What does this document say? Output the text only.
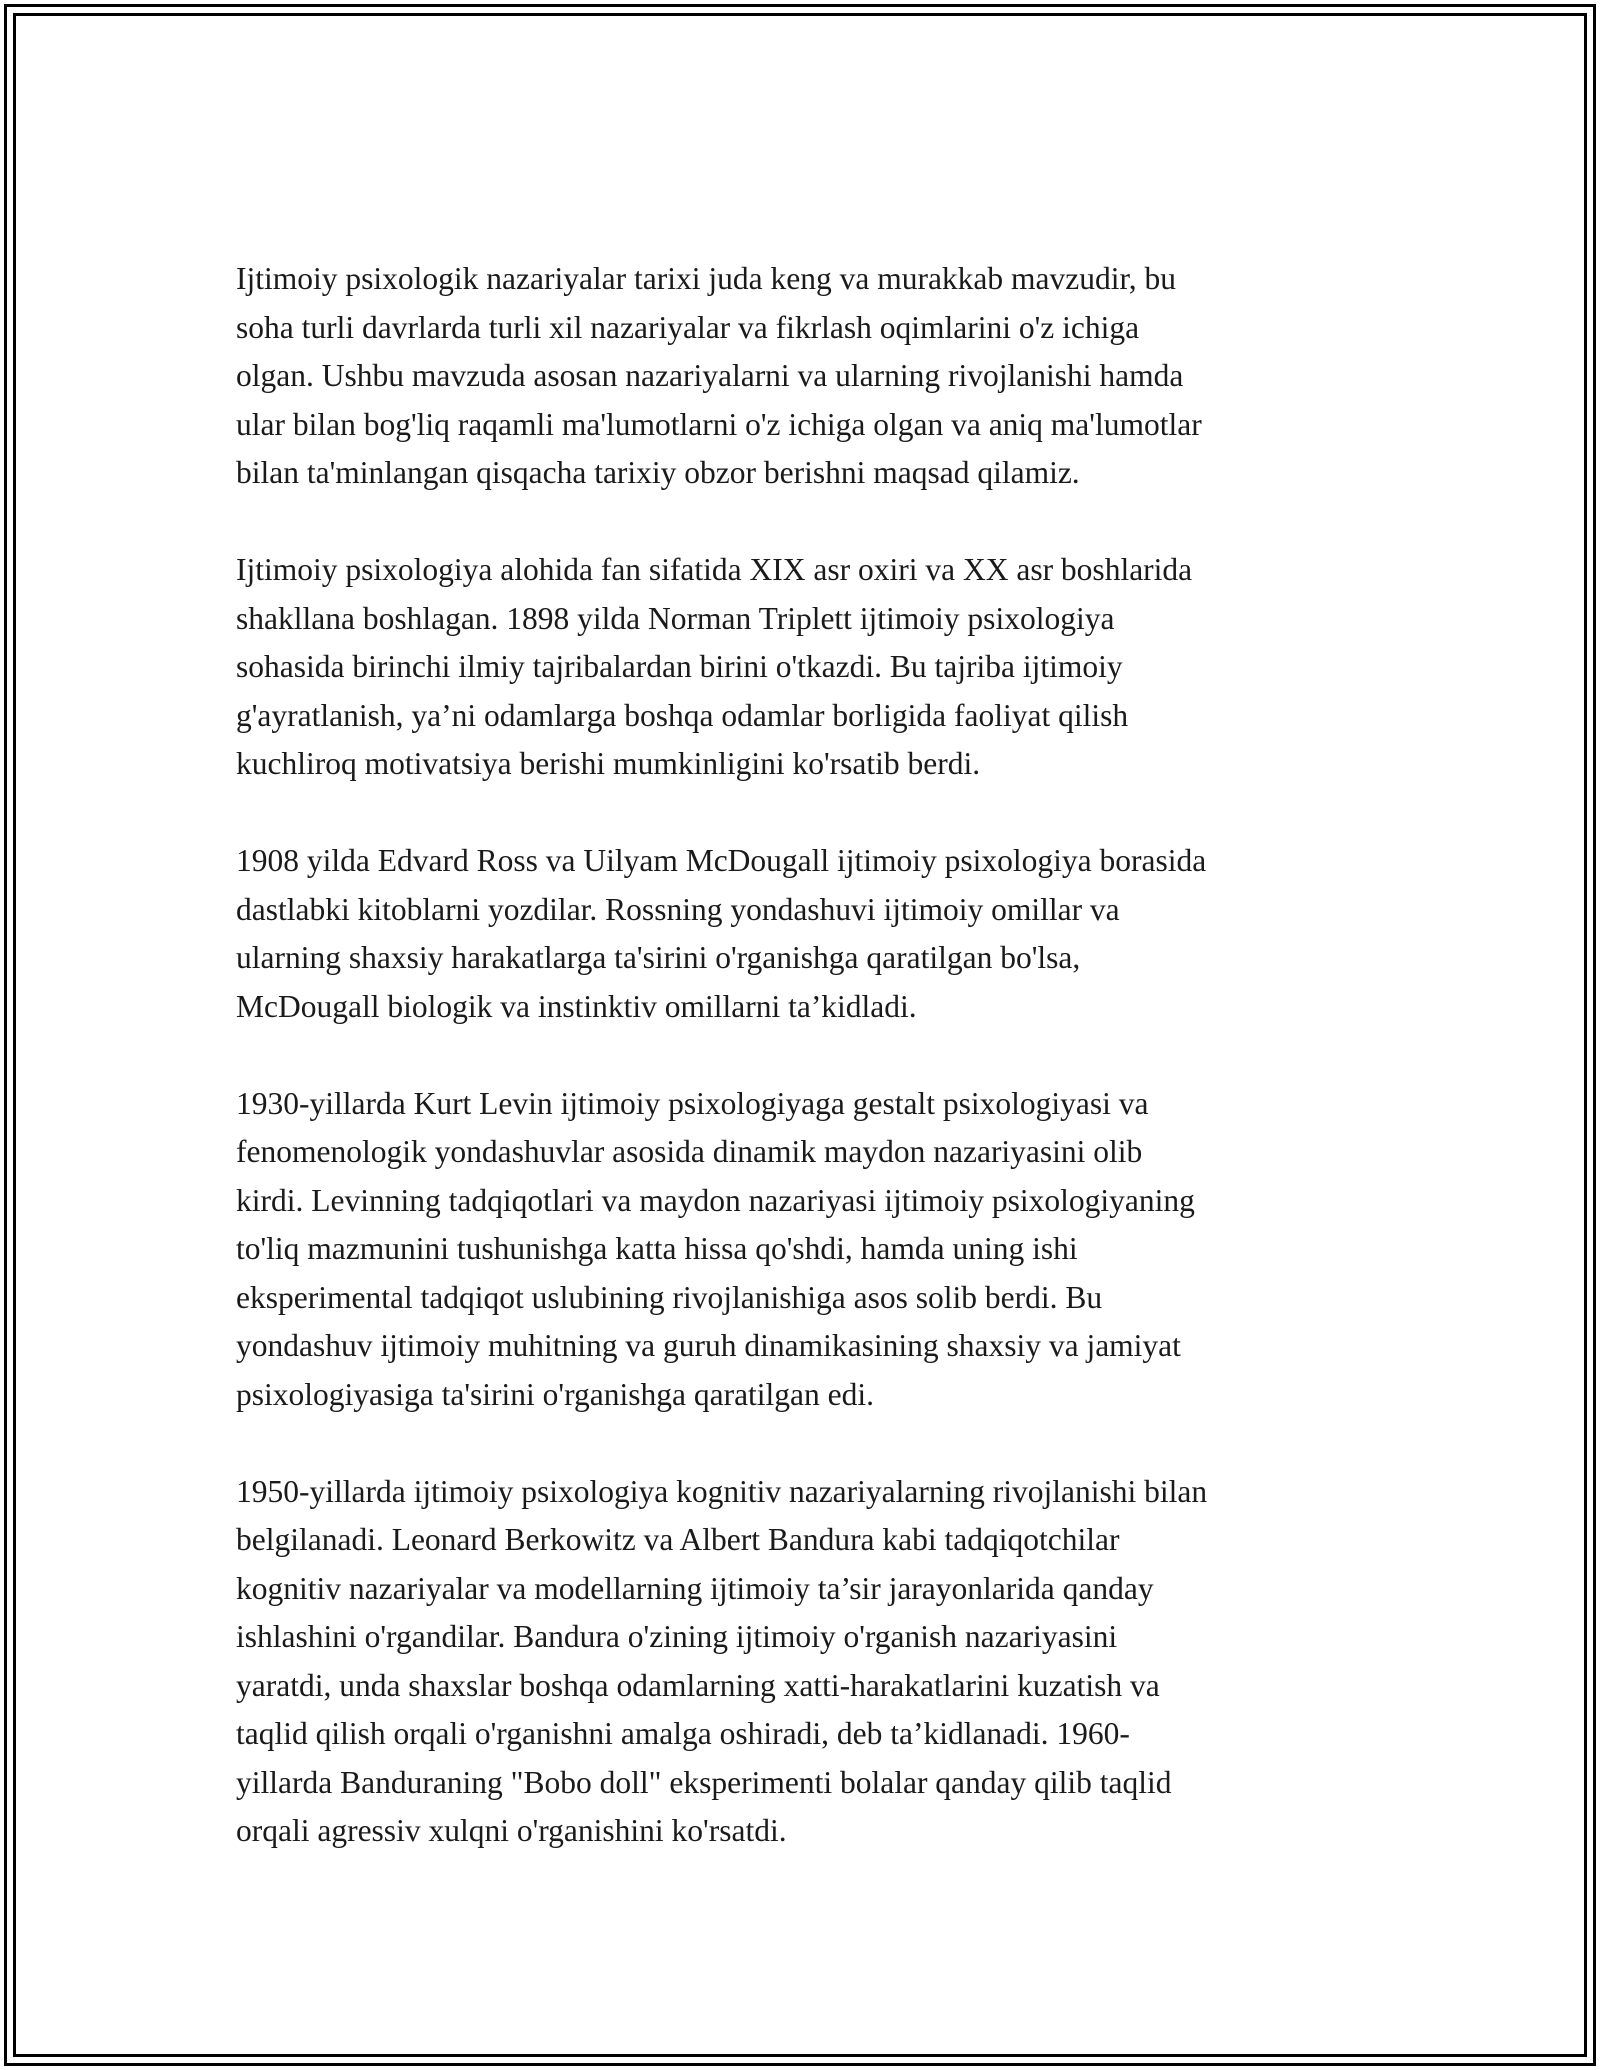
Ijtimoiy psixologik nazariyalar tarixi juda keng va murakkab mavzudir, bu
soha turli davrlarda turli xil nazariyalar va fikrlash oqimlarini o'z ichiga
olgan. Ushbu mavzuda asosan nazariyalarni va ularning rivojlanishi hamda
ular bilan bog'liq raqamli ma'lumotlarni o'z ichiga olgan va aniq ma'lumotlar
bilan ta'minlangan qisqacha tarixiy obzor berishni maqsad qilamiz.

Ijtimoiy psixologiya alohida fan sifatida XIX asr oxiri va XX asr boshlarida
shakllana boshlagan. 1898 yilda Norman Triplett ijtimoiy psixologiya
sohasida birinchi ilmiy tajribalardan birini o'tkazdi. Bu tajriba ijtimoiy
g'ayratlanish, ya’ni odamlarga boshqa odamlar borligida faoliyat qilish
kuchliroq motivatsiya berishi mumkinligini ko'rsatib berdi.

1908 yilda Edvard Ross va Uilyam McDougall ijtimoiy psixologiya borasida
dastlabki kitoblarni yozdilar. Rossning yondashuvi ijtimoiy omillar va
ularning shaxsiy harakatlarga ta'sirini o'rganishga qaratilgan bo'lsa,
McDougall biologik va instinktiv omillarni ta’kidladi.

1930-yillarda Kurt Levin ijtimoiy psixologiyaga gestalt psixologiyasi va
fenomenologik yondashuvlar asosida dinamik maydon nazariyasini olib
kirdi. Levinning tadqiqotlari va maydon nazariyasi ijtimoiy psixologiyaning
to'liq mazmunini tushunishga katta hissa qo'shdi, hamda uning ishi
eksperimental tadqiqot uslubining rivojlanishiga asos solib berdi. Bu
yondashuv ijtimoiy muhitning va guruh dinamikasining shaxsiy va jamiyat
psixologiyasiga ta'sirini o'rganishga qaratilgan edi.

1950-yillarda ijtimoiy psixologiya kognitiv nazariyalarning rivojlanishi bilan
belgilanadi. Leonard Berkowitz va Albert Bandura kabi tadqiqotchilar
kognitiv nazariyalar va modellarning ijtimoiy ta’sir jarayonlarida qanday
ishlashini o'rgandilar. Bandura o'zining ijtimoiy o'rganish nazariyasini
yaratdi, unda shaxslar boshqa odamlarning xatti-harakatlarini kuzatish va
taqlid qilish orqali o'rganishni amalga oshiradi, deb ta’kidlanadi. 1960-
yillarda Banduraning "Bobo doll" eksperimenti bolalar qanday qilib taqlid
orqali agressiv xulqni o'rganishini ko'rsatdi.
